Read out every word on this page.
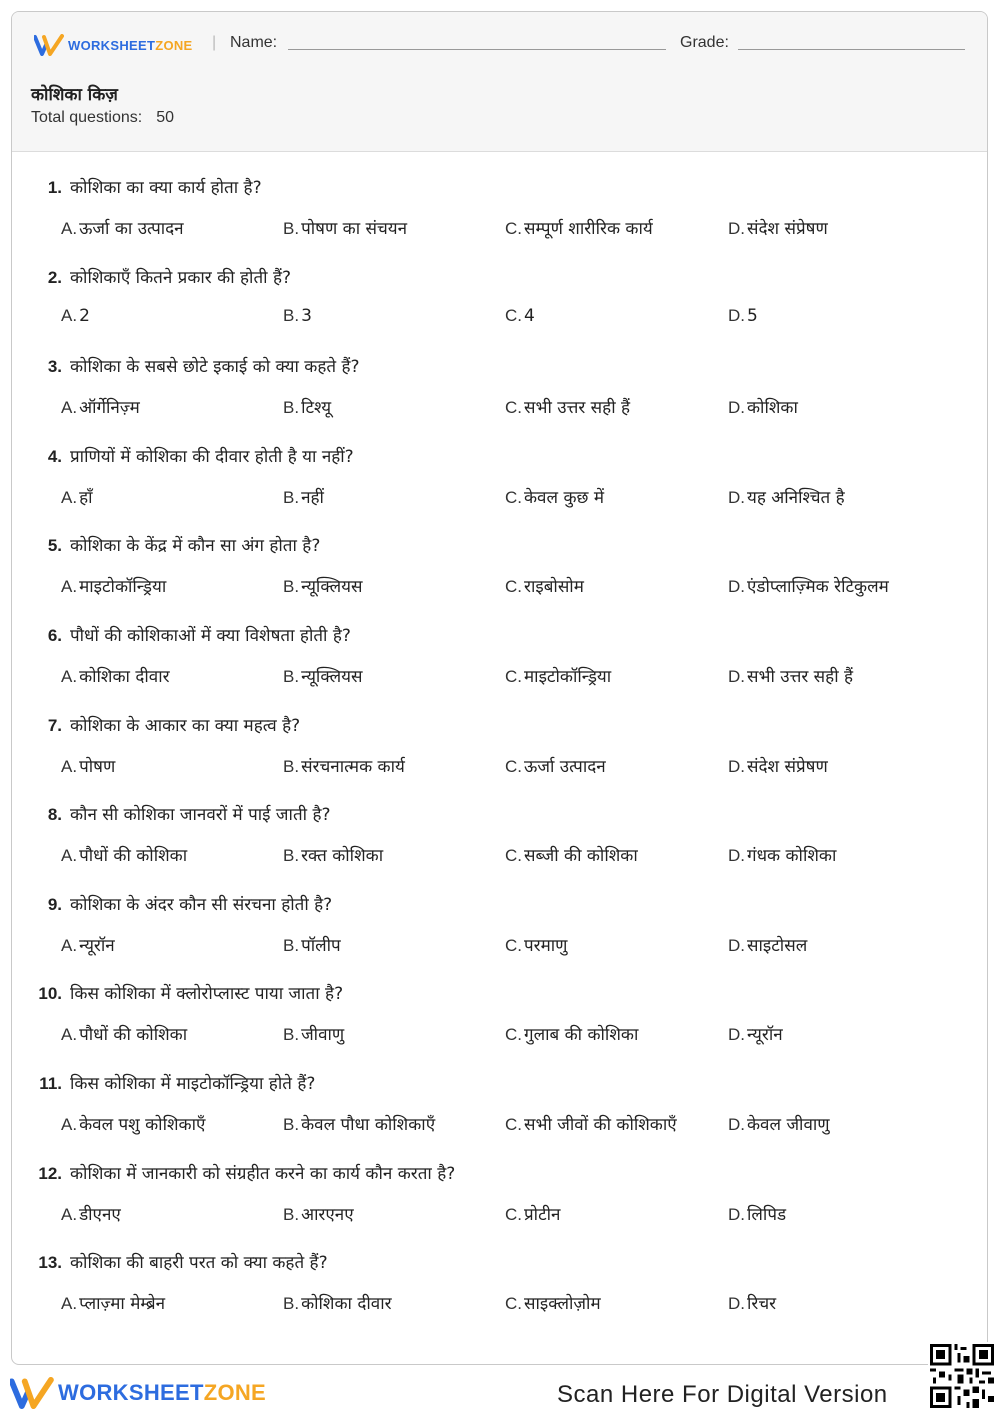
WORKSHEETZONE | Name:	Grade:
कोशिका किज़
Total questions: 50
1. कोशिका का क्या कार्य होता है?
A. ऊर्जा का उत्पादन	B. पोषण का संचयन	C. सम्पूर्ण शारीरिक कार्य	D. संदेश संप्रेषण
2. कोशिकाएँ कितने प्रकार की होती हैं?
A. 2	B. 3	C. 4	D. 5
3. कोशिका के सबसे छोटे इकाई को क्या कहते हैं?
A. ऑर्गेनिज़्म	B. टिश्यू	C. सभी उत्तर सही हैं	D. कोशिका
4. प्राणियों में कोशिका की दीवार होती है या नहीं?
A. हाँ	B. नहीं	C. केवल कुछ में	D. यह अनिश्चित है
5. कोशिका के केंद्र में कौन सा अंग होता है?
A. माइटोकॉन्ड्रिया	B. न्यूक्लियस	C. राइबोसोम	D. एंडोप्लाज़्मिक रेटिकुलम
6. पौधों की कोशिकाओं में क्या विशेषता होती है?
A. कोशिका दीवार	B. न्यूक्लियस	C. माइटोकॉन्ड्रिया	D. सभी उत्तर सही हैं
7. कोशिका के आकार का क्या महत्व है?
A. पोषण	B. संरचनात्मक कार्य	C. ऊर्जा उत्पादन	D. संदेश संप्रेषण
8. कौन सी कोशिका जानवरों में पाई जाती है?
A. पौधों की कोशिका	B. रक्त कोशिका	C. सब्जी की कोशिका	D. गंधक कोशिका
9. कोशिका के अंदर कौन सी संरचना होती है?
A. न्यूरॉन	B. पॉलीप	C. परमाणु	D. साइटोसल
10. किस कोशिका में क्लोरोप्लास्ट पाया जाता है?
A. पौधों की कोशिका	B. जीवाणु	C. गुलाब की कोशिका	D. न्यूरॉन
11. किस कोशिका में माइटोकॉन्ड्रिया होते हैं?
A. केवल पशु कोशिकाएँ	B. केवल पौधा कोशिकाएँ	C. सभी जीवों की कोशिकाएँ	D. केवल जीवाणु
12. कोशिका में जानकारी को संग्रहीत करने का कार्य कौन करता है?
A. डीएनए	B. आरएनए	C. प्रोटीन	D. लिपिड
13. कोशिका की बाहरी परत को क्या कहते हैं?
A. प्लाज़्मा मेम्ब्रेन	B. कोशिका दीवार	C. साइक्लोज़ोम	D. रिचर
WORKSHEETZONE	Scan Here For Digital Version
